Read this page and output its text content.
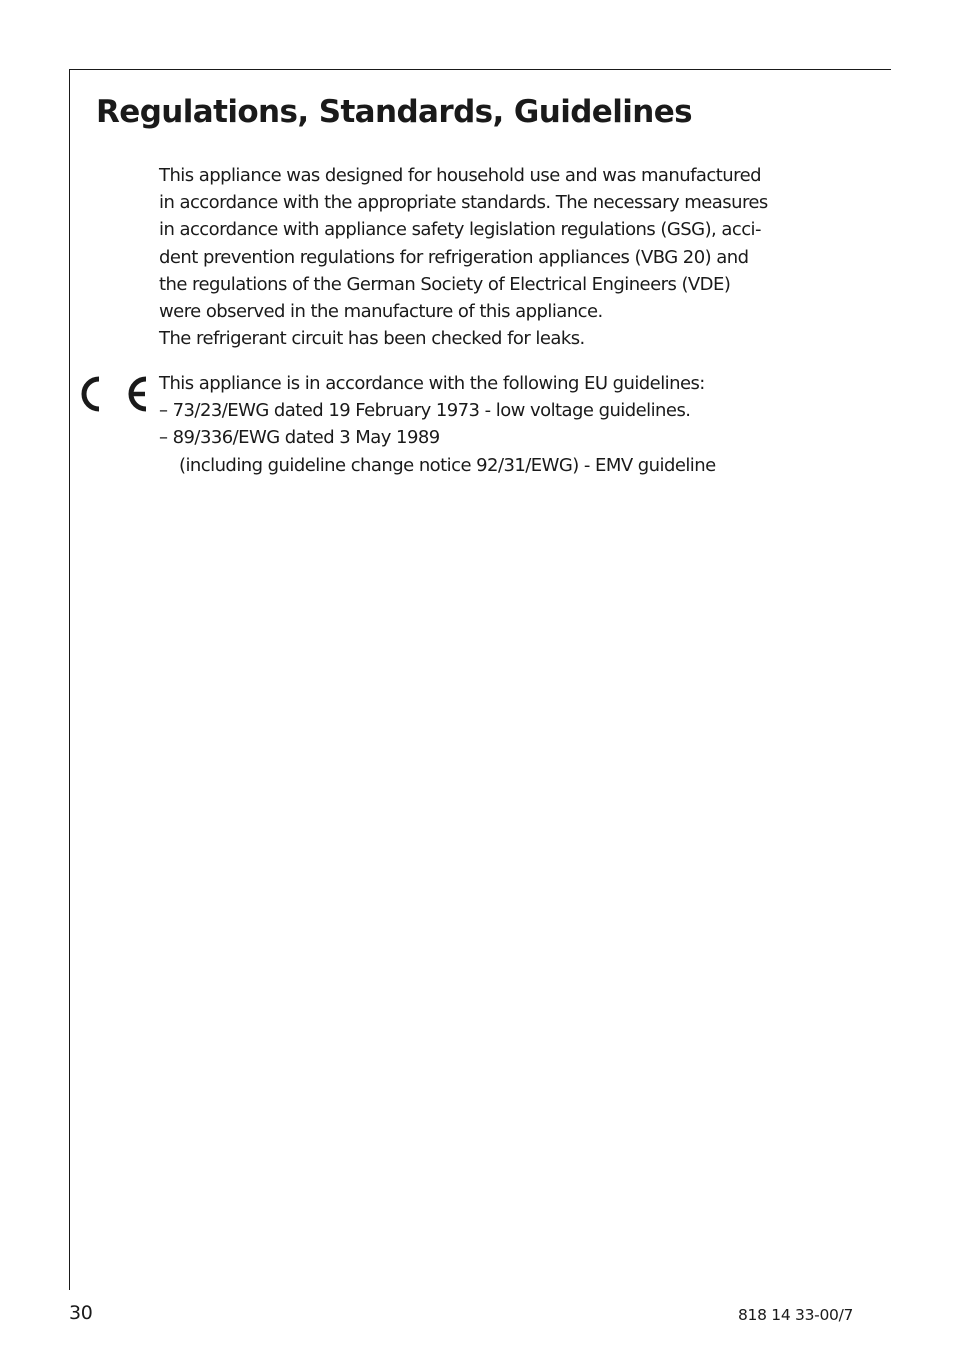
Regulations, Standards, Guidelines

This appliance was designed for household use and was manufactured
in accordance with the appropriate standards. The necessary measures
in accordance with appliance safety legislation regulations (GSG), acci-
dent prevention regulations for refrigeration appliances (VBG 20) and
the regulations of the German Society of Electrical Engineers (VDE)
were observed in the manufacture of this appliance.
The refrigerant circuit has been checked for leaks.

This appliance is in accordance with the following EU guidelines:
– 73/23/EWG dated 19 February 1973 - low voltage guidelines.
– 89/336/EWG dated 3 May 1989
(including guideline change notice 92/31/EWG) - EMV guideline

30	818 14 33-00/7
